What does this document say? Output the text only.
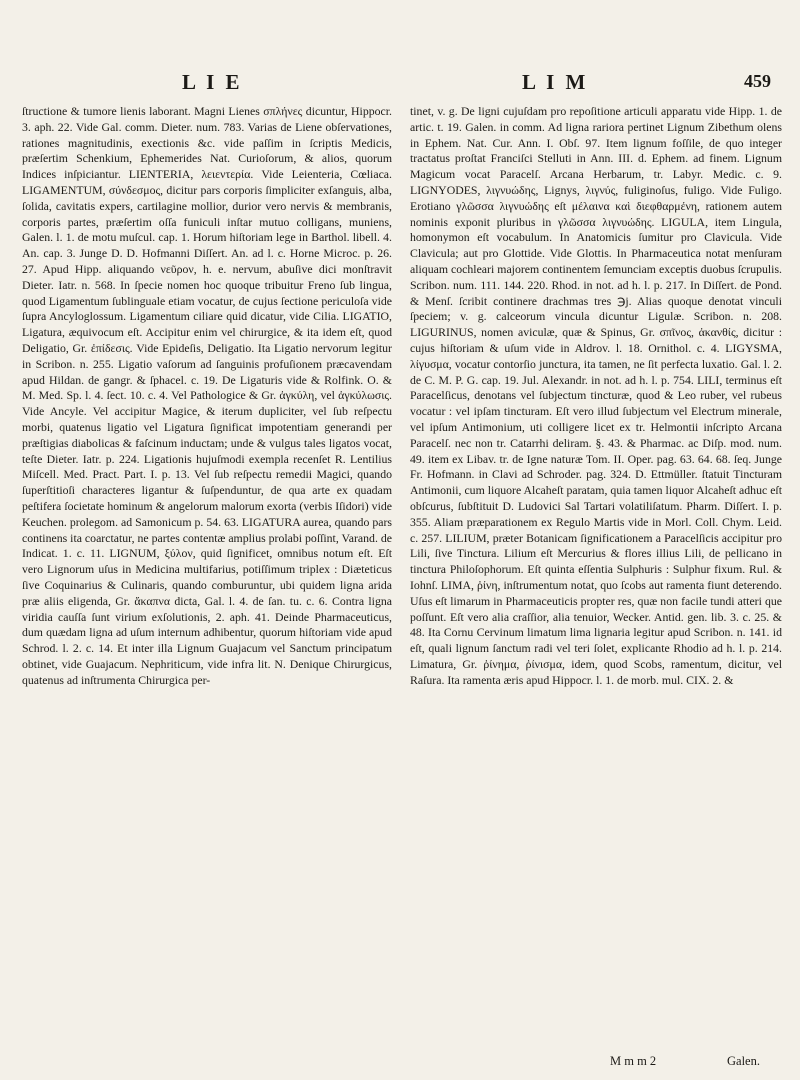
L I E	L I M	459

ſtructione & tumore lienis laborant. Magni Lienes σπλήνες dicuntur, Hippocr. 3. aph. 22. Vide Gal. comm. Dieter. num. 783. Varias de Liene obſervationes, rationes magnitudinis, exectionis &c. vide paſſim in ſcriptis Medicis, præſertim Schenkium, Ephemerides Nat. Curioſorum, & alios, quorum Indices inſpiciantur. LIENTERIA, λειεντερία. Vide Leienteria, Cœliaca. LIGAMENTUM, σύνδεσμος, dicitur pars corporis ſimpliciter exſanguis, alba, ſolida, cavitatis expers, cartilagine mollior, durior vero nervis & membranis, corporis partes, præſertim oſſa funiculi inſtar mutuo colligans, muniens, Galen. l. 1. de motu muſcul. cap. 1. Horum hiſtoriam lege in Barthol. libell. 4. An. cap. 3. Junge D. D. Hofmanni Diſſert. An. ad l. c. Horne Microc. p. 26. 27. Apud Hipp. aliquando νεῦρον, h. e. nervum, abuſive dici monſtravit Dieter. Iatr. n. 568. In ſpecie nomen hoc quoque tribuitur Freno ſub lingua, quod Ligamentum ſublinguale etiam vocatur, de cujus ſectione periculoſa vide ſupra Ancyloglossum. Ligamentum ciliare quid dicatur, vide Cilia. LIGATIO, Ligatura, æquivocum eſt. Accipitur enim vel chirurgice, & ita idem eſt, quod Deligatio, Gr. ἐπίδεσις. Vide Epideſis, Deligatio. Ita Ligatio nervorum legitur in Scribon. n. 255. Ligatio vaſorum ad ſanguinis profuſionem præcavendam apud Hildan. de gangr. & ſphacel. c. 19. De Ligaturis vide & Rolfink. O. & M. Med. Sp. l. 4. ſect. 10. c. 4. Vel Pathologice & Gr. ἀγκύλη, vel ἀγκύλωσις. Vide Ancyle. Vel accipitur Magice, & iterum dupliciter, vel ſub reſpectu morbi, quatenus ligatio vel Ligatura ſignificat impotentiam generandi per præſtigias diabolicas & faſcinum inductam; unde & vulgus tales ligatos vocat, teſte Dieter. Iatr. p. 224. Ligationis hujuſmodi exempla recenſet R. Lentilius Miſcell. Med. Pract. Part. I. p. 13. Vel ſub reſpectu remedii Magici, quando ſuperſtitioſi characteres ligantur & ſuſpenduntur, de qua arte ex quadam peſtifera ſocietate hominum & angelorum malorum exorta (verbis Iſidori) vide Keuchen. prolegom. ad Samonicum p. 54. 63. LIGATURA aurea, quando pars continens ita coarctatur, ne partes contentæ amplius prolabi poſſint, Varand. de Indicat. 1. c. 11. LIGNUM, ξύλον, quid ſignificet, omnibus notum eſt. Eſt vero Lignorum uſus in Medicina multifarius, potiſſimum triplex : Diæteticus ſive Coquinarius & Culinaris, quando comburuntur, ubi quidem ligna arida præ aliis eligenda, Gr. ἄκαπνα dicta, Gal. l. 4. de ſan. tu. c. 6. Contra ligna viridia cauſſa ſunt virium exſolutionis, 2. aph. 41. Deinde Pharmaceuticus, dum quædam ligna ad uſum internum adhibentur, quorum hiſtoriam vide apud Schrod. l. 2. c. 14. Et inter illa Lignum Guajacum vel Sanctum principatum obtinet, vide Guajacum. Nephriticum, vide infra lit. N. Denique Chirurgicus, quatenus ad inſtrumenta Chirurgica per-

tinet, v. g. De ligni cujuſdam pro repoſitione articuli apparatu vide Hipp. 1. de artic. t. 19. Galen. in comm. Ad ligna rariora pertinet Lignum Zibethum olens in Ephem. Nat. Cur. Ann. I. Obſ. 97. Item lignum foſſile, de quo integer tractatus proſtat Franciſci Stelluti in Ann. III. d. Ephem. ad finem. Lignum Magicum vocat Paracelſ. Arcana Herbarum, tr. Labyr. Medic. c. 9. LIGNYODES, λιγνυώδης, Lignys, λιγνύς, fuliginoſus, fuligo. Vide Fuligo. Erotiano γλῶσσα λιγνυώδης eſt μέλαινα καὶ διεφθαρμένη, rationem autem nominis exponit pluribus in γλῶσσα λιγνυώδης. LIGULA, item Lingula, homonymon eſt vocabulum. In Anatomicis ſumitur pro Clavicula. Vide Clavicula; aut pro Glottide. Vide Glottis. In Pharmaceutica notat menſuram aliquam cochleari majorem continentem ſemunciam exceptis duobus ſcrupulis. Scribon. num. 111. 144. 220. Rhod. in not. ad h. l. p. 217. In Diſſert. de Pond. & Menſ. ſcribit continere drachmas tres ℈j. Alias quoque denotat vinculi ſpeciem; v. g. calceorum vincula dicuntur Ligulæ. Scribon. n. 208. LIGURINUS, nomen aviculæ, quæ & Spinus, Gr. σπῖνος, ἀκανθίς, dicitur : cujus hiſtoriam & uſum vide in Aldrov. l. 18. Ornithol. c. 4. LIGYSMA, λίγυσμα, vocatur contorſio junctura, ita tamen, ne ſit perfecta luxatio. Gal. l. 2. de C. M. P. G. cap. 19. Jul. Alexandr. in not. ad h. l. p. 754. LILI, terminus eſt Paracelſicus, denotans vel ſubjectum tincturæ, quod & Leo ruber, vel rubeus vocatur : vel ipſam tincturam. Eſt vero illud ſubjectum vel Electrum minerale, vel ipſum Antimonium, uti colligere licet ex tr. Helmontii inſcripto Arcana Paracelſ. nec non tr. Catarrhi deliram. §. 43. & Pharmac. ac Diſp. mod. num. 49. item ex Libav. tr. de Igne naturæ Tom. II. Oper. pag. 63. 64. 68. ſeq. Junge Fr. Hofmann. in Clavi ad Schroder. pag. 324. D. Ettmüller. ſtatuit Tincturam Antimonii, cum liquore Alcaheſt paratam, quia tamen liquor Alcaheſt adhuc eſt obſcurus, ſubſtituit D. Ludovici Sal Tartari volatiliſatum. Pharm. Diſſert. I. p. 355. Aliam præparationem ex Regulo Martis vide in Morl. Coll. Chym. Leid. c. 257. LILIUM, præter Botanicam ſignificationem a Paracelſicis accipitur pro Lili, ſive Tinctura. Lilium eſt Mercurius & flores illius Lili, de pellicano in tinctura Philoſophorum. Eſt quinta eſſentia Sulphuris : Sulphur fixum. Rul. & Iohnſ. LIMA, ῥίνη, inſtrumentum notat, quo ſcobs aut ramenta fiunt deterendo. Uſus eſt limarum in Pharmaceuticis propter res, quæ non facile tundi atteri que poſſunt. Eſt vero alia craſſior, alia tenuior, Wecker. Antid. gen. lib. 3. c. 25. & 48. Ita Cornu Cervinum limatum lima lignaria legitur apud Scribon. n. 141. id eſt, quali lignum ſanctum radi vel teri ſolet, explicante Rhodio ad h. l. p. 214. Limatura, Gr. ῥίνημα, ῥίνισμα, idem, quod Scobs, ramentum, dicitur, vel Raſura. Ita ramenta æris apud Hippocr. l. 1. de morb. mul. CIX. 2. &

M m m 2	Galen.
